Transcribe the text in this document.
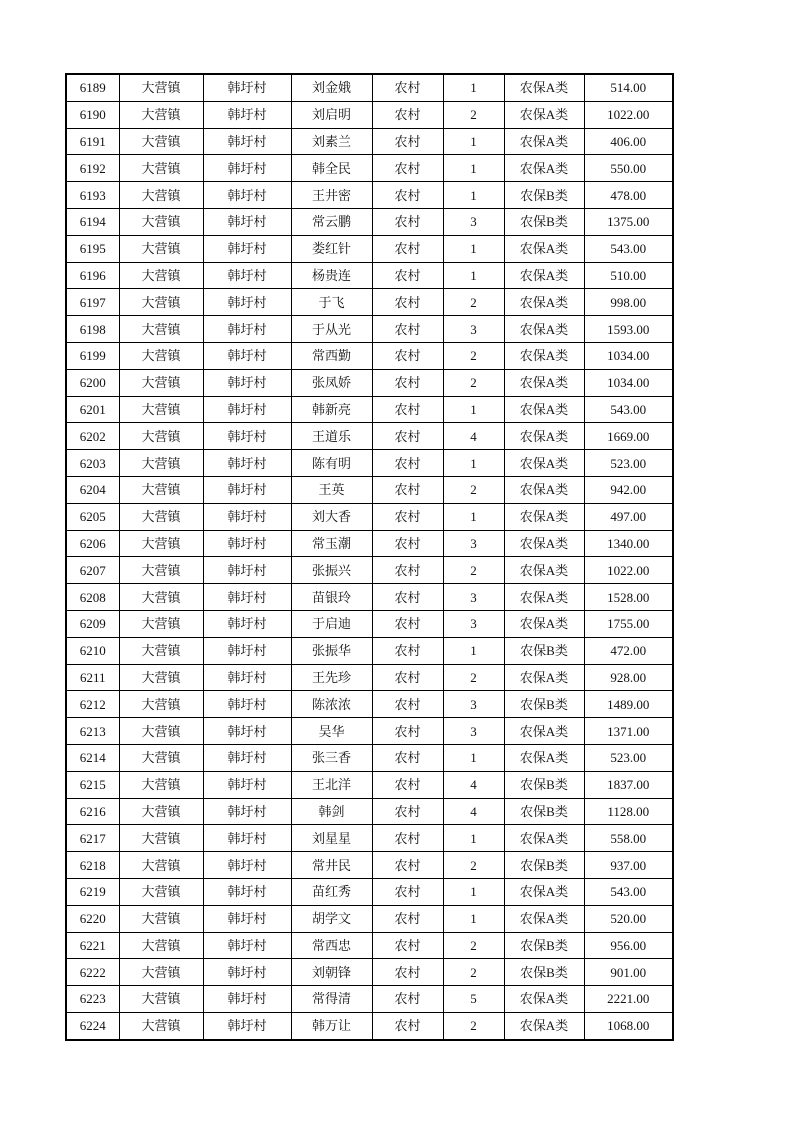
6189	大营镇	韩圩村	刘金娥	农村	1	农保A类	514.00
6190	大营镇	韩圩村	刘启明	农村	2	农保A类	1022.00
6191	大营镇	韩圩村	刘素兰	农村	1	农保A类	406.00
6192	大营镇	韩圩村	韩全民	农村	1	农保A类	550.00
6193	大营镇	韩圩村	王井密	农村	1	农保B类	478.00
6194	大营镇	韩圩村	常云鹏	农村	3	农保B类	1375.00
6195	大营镇	韩圩村	娄红针	农村	1	农保A类	543.00
6196	大营镇	韩圩村	杨贵连	农村	1	农保A类	510.00
6197	大营镇	韩圩村	于飞	农村	2	农保A类	998.00
6198	大营镇	韩圩村	于从光	农村	3	农保A类	1593.00
6199	大营镇	韩圩村	常西勤	农村	2	农保A类	1034.00
6200	大营镇	韩圩村	张凤娇	农村	2	农保A类	1034.00
6201	大营镇	韩圩村	韩新亮	农村	1	农保A类	543.00
6202	大营镇	韩圩村	王道乐	农村	4	农保A类	1669.00
6203	大营镇	韩圩村	陈有明	农村	1	农保A类	523.00
6204	大营镇	韩圩村	王英	农村	2	农保A类	942.00
6205	大营镇	韩圩村	刘大香	农村	1	农保A类	497.00
6206	大营镇	韩圩村	常玉潮	农村	3	农保A类	1340.00
6207	大营镇	韩圩村	张振兴	农村	2	农保A类	1022.00
6208	大营镇	韩圩村	苗银玲	农村	3	农保A类	1528.00
6209	大营镇	韩圩村	于启迪	农村	3	农保A类	1755.00
6210	大营镇	韩圩村	张振华	农村	1	农保B类	472.00
6211	大营镇	韩圩村	王先珍	农村	2	农保A类	928.00
6212	大营镇	韩圩村	陈浓浓	农村	3	农保B类	1489.00
6213	大营镇	韩圩村	吴华	农村	3	农保A类	1371.00
6214	大营镇	韩圩村	张三香	农村	1	农保A类	523.00
6215	大营镇	韩圩村	王北洋	农村	4	农保B类	1837.00
6216	大营镇	韩圩村	韩剑	农村	4	农保B类	1128.00
6217	大营镇	韩圩村	刘星星	农村	1	农保A类	558.00
6218	大营镇	韩圩村	常井民	农村	2	农保B类	937.00
6219	大营镇	韩圩村	苗红秀	农村	1	农保A类	543.00
6220	大营镇	韩圩村	胡学文	农村	1	农保A类	520.00
6221	大营镇	韩圩村	常西忠	农村	2	农保B类	956.00
6222	大营镇	韩圩村	刘朝锋	农村	2	农保B类	901.00
6223	大营镇	韩圩村	常得清	农村	5	农保A类	2221.00
6224	大营镇	韩圩村	韩万让	农村	2	农保A类	1068.00
